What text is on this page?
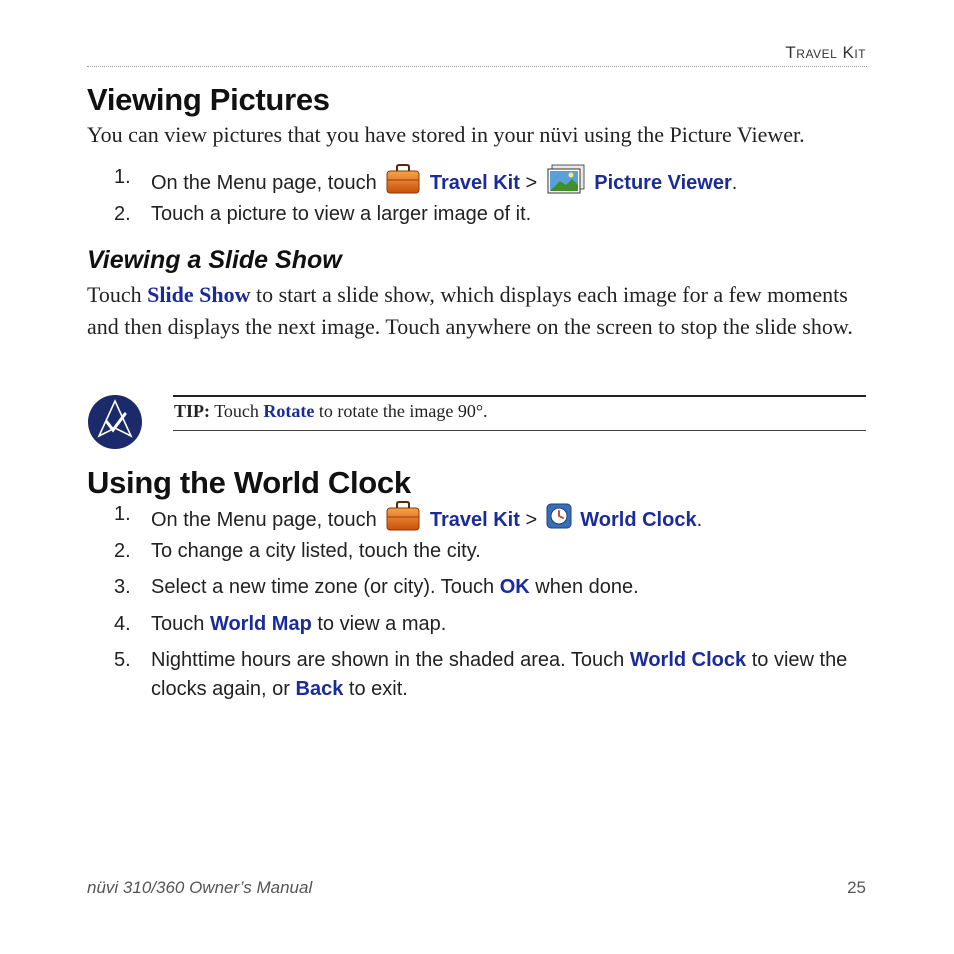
Travel Kit
Viewing Pictures
You can view pictures that you have stored in your nüvi using the Picture Viewer.
1.	On the Menu page, touch	Travel Kit >	Picture Viewer.
2.	Touch a picture to view a larger image of it.
Viewing a Slide Show
Touch Slide Show to start a slide show, which displays each image for a few moments and then displays the next image. Touch anywhere on the screen to stop the slide show.
TIP: Touch Rotate to rotate the image 90°.
Using the World Clock
1.	On the Menu page, touch	Travel Kit > World Clock.
2.	To change a city listed, touch the city.
3.	Select a new time zone (or city). Touch OK when done.
4.	Touch World Map to view a map.
5.	Nighttime hours are shown in the shaded area. Touch World Clock to view the clocks again, or Back to exit.
nüvi 310/360 Owner’s Manual	25
